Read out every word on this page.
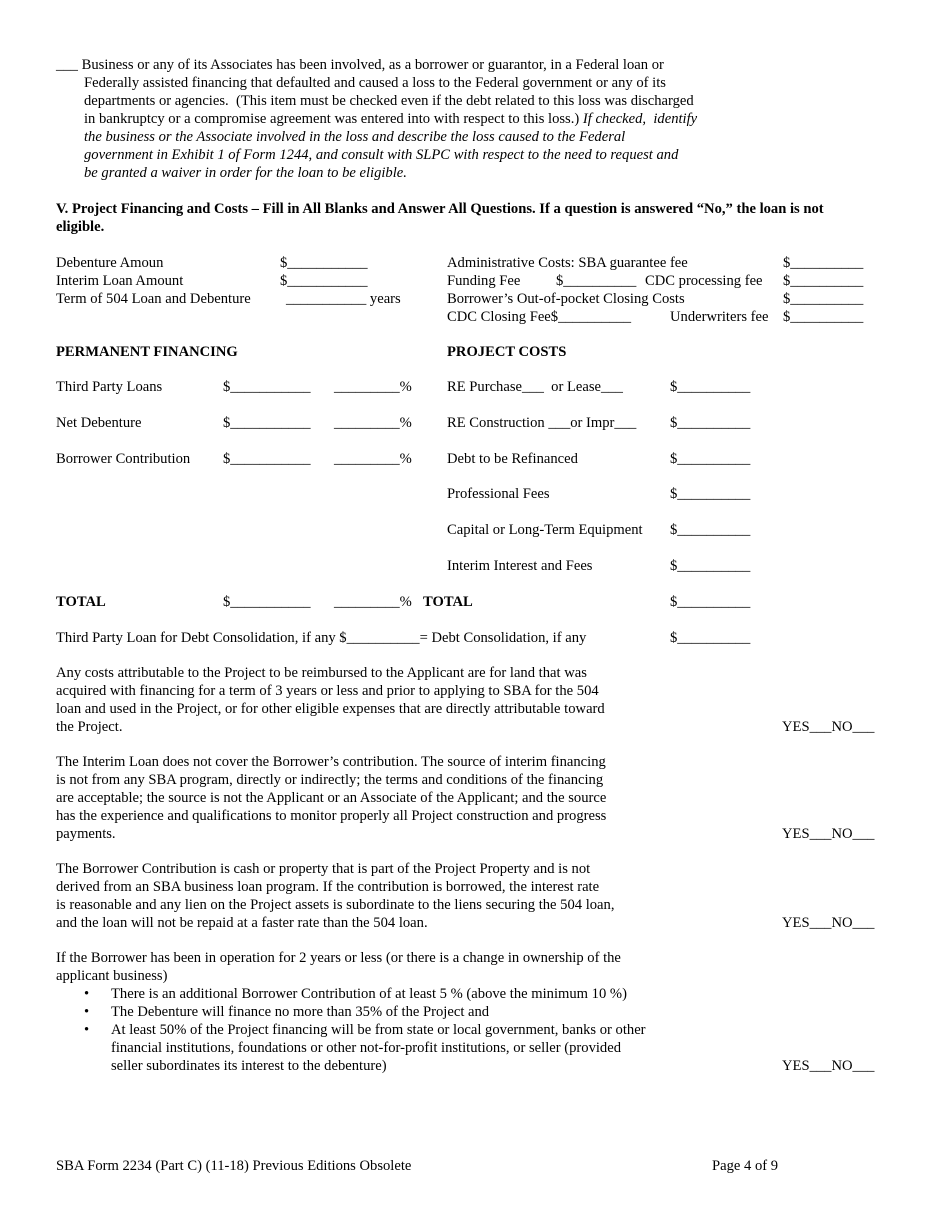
___ Business or any of its Associates has been involved, as a borrower or guarantor, in a Federal loan or
Federally assisted financing that defaulted and caused a loss to the Federal government or any of its
departments or agencies.  (This item must be checked even if the debt related to this loss was discharged
in bankruptcy or a compromise agreement was entered into with respect to this loss.) If checked,  identify
the business or the Associate involved in the loss and describe the loss caused to the Federal
government in Exhibit 1 of Form 1244, and consult with SLPC with respect to the need to request and
be granted a waiver in order for the loan to be eligible.
V. Project Financing and Costs – Fill in All Blanks and Answer All Questions. If a question is answered “No,” the loan is not
eligible.
Debenture Amoun	$___________
Interim Loan Amount	$___________
Term of 504 Loan and Debenture ___________ years
Administrative Costs: SBA guarantee fee	$__________
Funding Fee $__________ CDC processing fee $__________
Borrower’s Out-of-pocket Closing Costs	$__________
CDC Closing Fee$__________	Underwriters fee $__________
PERMANENT FINANCING	PROJECT COSTS
Third Party Loans	$___________ _________%
Net Debenture	$___________ _________%
Borrower Contribution $___________ _________%
RE Purchase___  or Lease___	$__________
RE Construction ___or Impr___ $__________
Debt to be Refinanced	$__________
Professional Fees	$__________
Capital or Long-Term Equipment $__________
Interim Interest and Fees	$__________
TOTAL	$___________ _________% TOTAL	$__________
Third Party Loan for Debt Consolidation, if any $__________= Debt Consolidation, if any	$__________
Any costs attributable to the Project to be reimbursed to the Applicant are for land that was
acquired with financing for a term of 3 years or less and prior to applying to SBA for the 504
loan and used in the Project, or for other eligible expenses that are directly attributable toward
the Project.	YES___NO___
The Interim Loan does not cover the Borrower’s contribution. The source of interim financing
is not from any SBA program, directly or indirectly; the terms and conditions of the financing
are acceptable; the source is not the Applicant or an Associate of the Applicant; and the source
has the experience and qualifications to monitor properly all Project construction and progress
payments.	YES___NO___
The Borrower Contribution is cash or property that is part of the Project Property and is not
derived from an SBA business loan program. If the contribution is borrowed, the interest rate
is reasonable and any lien on the Project assets is subordinate to the liens securing the 504 loan,
and the loan will not be repaid at a faster rate than the 504 loan.	YES___NO___
If the Borrower has been in operation for 2 years or less (or there is a change in ownership of the
applicant business)
• There is an additional Borrower Contribution of at least 5 % (above the minimum 10 %)
• The Debenture will finance no more than 35% of the Project and
• At least 50% of the Project financing will be from state or local government, banks or other
financial institutions, foundations or other not-for-profit institutions, or seller (provided
seller subordinates its interest to the debenture)	YES___NO___
SBA Form 2234 (Part C) (11-18) Previous Editions Obsolete	Page 4 of 9
